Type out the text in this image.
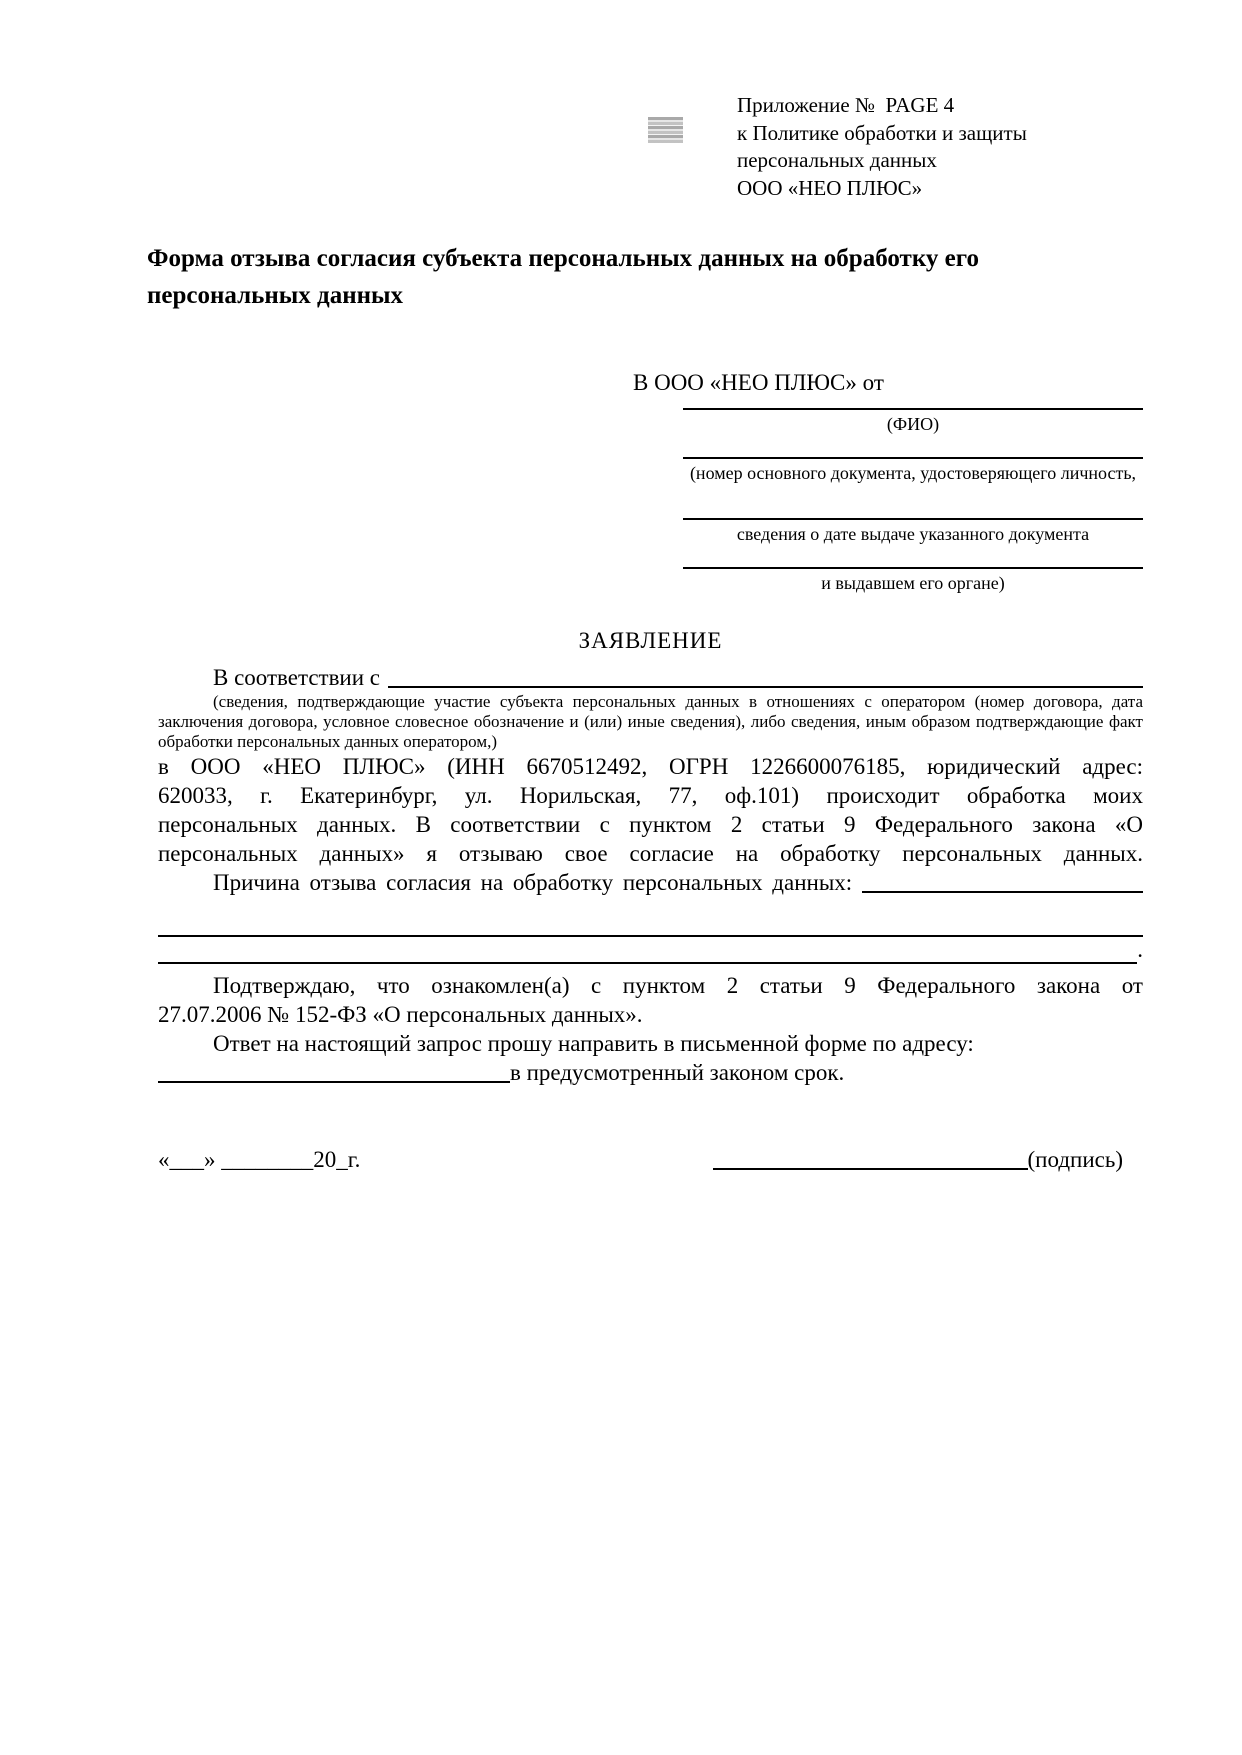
Приложение №  PAGE 4
к Политике обработки и защиты
персональных данных
ООО «НЕО ПЛЮС»
Форма отзыва согласия субъекта персональных данных на обработку его персональных данных
В ООО «НЕО ПЛЮС» от
(ФИО)
(номер основного документа, удостоверяющего личность,
сведения о дате выдаче указанного документа
и выдавшем его органе)
ЗАЯВЛЕНИЕ
В соответствии с
(сведения, подтверждающие участие субъекта персональных данных в отношениях с оператором (номер договора, дата
заключения договора, условное словесное обозначение и (или) иные сведения), либо сведения, иным образом подтверждающие факт
обработки персональных данных оператором,)
в ООО «НЕО ПЛЮС» (ИНН 6670512492, ОГРН 1226600076185, юридический адрес:
620033, г. Екатеринбург, ул. Норильская, 77, оф.101) происходит обработка моих
персональных данных. В соответствии с пунктом 2 статьи 9 Федерального закона «О
персональных данных» я отзываю свое согласие на обработку персональных данных.
Причина отзыва согласия на обработку персональных данных:
.
Подтверждаю, что ознакомлен(а) с пунктом 2 статьи 9 Федерального закона от
27.07.2006 № 152-ФЗ «О персональных данных».
Ответ на настоящий запрос прошу направить в письменной форме по адресу:
в предусмотренный законом срок.
«___» ________20_г.	(подпись)
